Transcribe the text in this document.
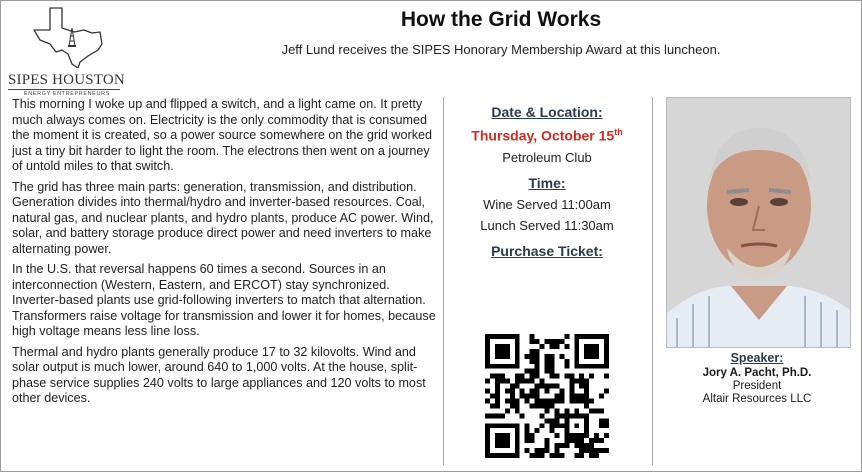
SIPES HOUSTON
ENERGY ENTREPRENEURS
How the Grid Works
Jeff Lund receives the SIPES Honorary Membership Award at this luncheon.

This morning I woke up and flipped a switch, and a light came on. It pretty much always comes on. Electricity is the only commodity that is consumed the moment it is created, so a power source somewhere on the grid worked just a tiny bit harder to light the room. The electrons then went on a journey of untold miles to that switch.

The grid has three main parts: generation, transmission, and distribution. Generation divides into thermal/hydro and inverter-based resources. Coal, natural gas, and nuclear plants, and hydro plants, produce AC power. Wind, solar, and battery storage produce direct power and need inverters to make alternating power.

In the U.S. that reversal happens 60 times a second. Sources in an interconnection (Western, Eastern, and ERCOT) stay synchronized. Inverter-based plants use grid-following inverters to match that alternation. Transformers raise voltage for transmission and lower it for homes, because high voltage means less line loss.

Thermal and hydro plants generally produce 17 to 32 kilovolts. Wind and solar output is much lower, around 640 to 1,000 volts. At the house, split-phase service supplies 240 volts to large appliances and 120 volts to most other devices.

Date & Location:
Thursday, October 15th
Petroleum Club
Time:
Wine Served 11:00am
Lunch Served 11:30am
Purchase Ticket:
Speaker:
Jory A. Pacht, Ph.D.
President
Altair Resources LLC
